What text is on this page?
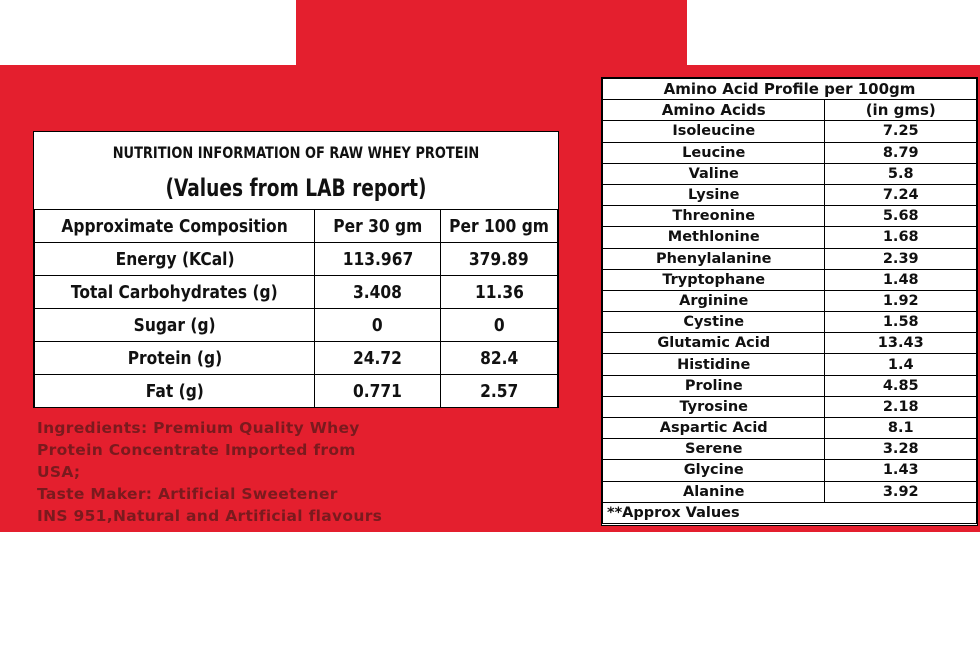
NUTRITION INFORMATION OF RAW WHEY PROTEIN
(Values from LAB report)
Approximate Composition	Per 30 gm	Per 100 gm
Energy (KCal)	113.967	379.89
Total Carbohydrates (g)	3.408	11.36
Sugar (g)	0	0
Protein (g)	24.72	82.4
Fat (g)	0.771	2.57
Ingredients: Premium Quality Whey
Protein Concentrate Imported from
USA;
Taste Maker: Artificial Sweetener
INS 951,Natural and Artificial flavours
Amino Acid Profile per 100gm	
Amino Acids	(in gms)
Isoleucine	7.25
Leucine	8.79
Valine	5.8
Lysine	7.24
Threonine	5.68
Methlonine	1.68
Phenylalanine	2.39
Tryptophane	1.48
Arginine	1.92
Cystine	1.58
Glutamic Acid	13.43
Histidine	1.4
Proline	4.85
Tyrosine	2.18
Aspartic Acid	8.1
Serene	3.28
Glycine	1.43
Alanine	3.92
**Approx Values	
